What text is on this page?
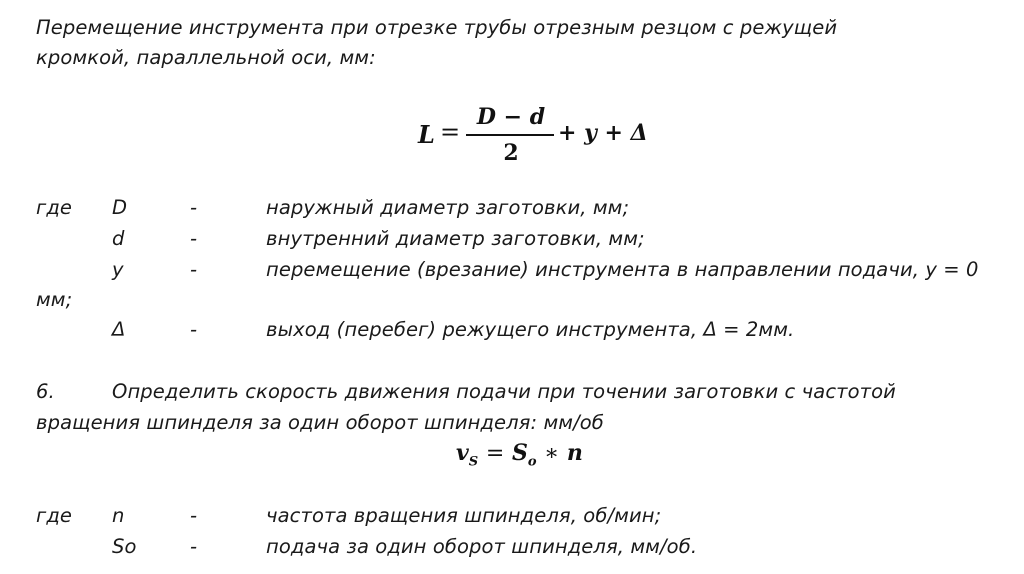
Перемещение инструмента при отрезке трубы отрезным резцом с режущей
кромкой, параллельной оси, мм:
L =
D − d
2
+ y + Δ
где D	-	наружный диаметр заготовки, мм;
d	-	внутренний диаметр заготовки, мм;
y	-	перемещение (врезание) инструмента в направлении подачи, у = 0
мм;
Δ	-	выход (перебег) режущего инструмента, Δ = 2мм.
6.	Определить скорость движения подачи при точении заготовки с частотой
вращения шпинделя за один оборот шпинделя: мм/об
$v_S = S_o$ ∗ n
где n	-	частота вращения шпинделя, об/мин;
So	-	подача за один оборот шпинделя, мм/об.
